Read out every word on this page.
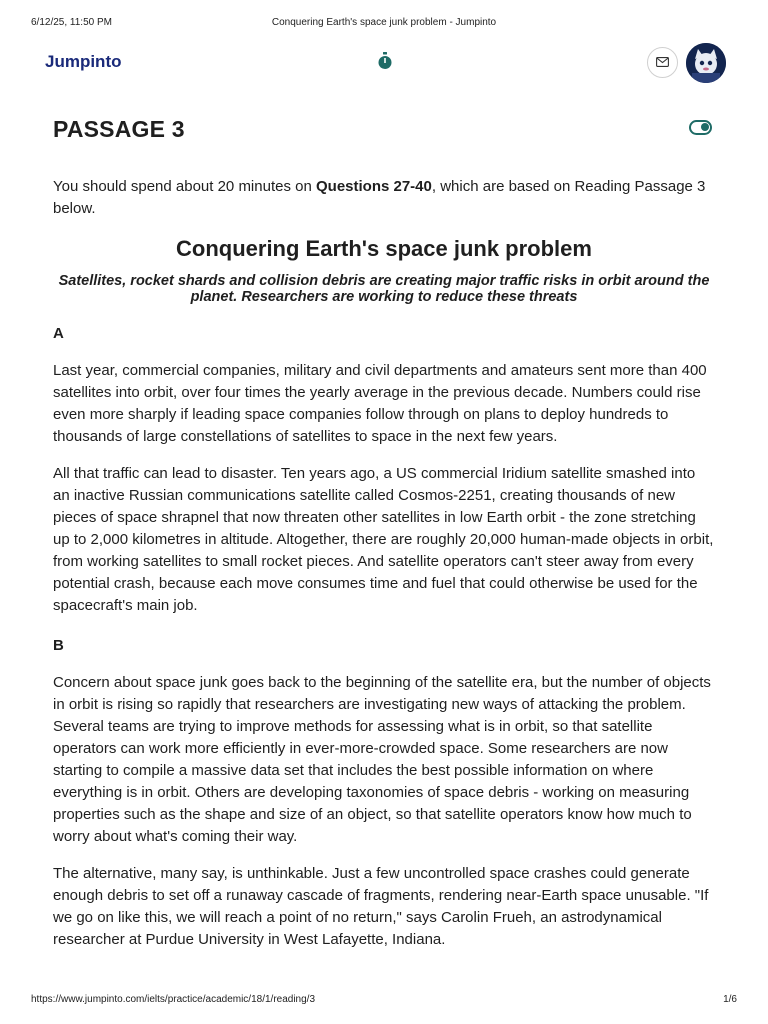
6/12/25, 11:50 PM	Conquering Earth's space junk problem - Jumpinto
Jumpinto
PASSAGE 3

You should spend about 20 minutes on Questions 27-40, which are based on Reading Passage 3 below.

Conquering Earth's space junk problem

Satellites, rocket shards and collision debris are creating major traffic risks in orbit around the planet. Researchers are working to reduce these threats

A

Last year, commercial companies, military and civil departments and amateurs sent more than 400 satellites into orbit, over four times the yearly average in the previous decade. Numbers could rise even more sharply if leading space companies follow through on plans to deploy hundreds to thousands of large constellations of satellites to space in the next few years.

All that traffic can lead to disaster. Ten years ago, a US commercial Iridium satellite smashed into an inactive Russian communications satellite called Cosmos-2251, creating thousands of new pieces of space shrapnel that now threaten other satellites in low Earth orbit - the zone stretching up to 2,000 kilometres in altitude. Altogether, there are roughly 20,000 human-made objects in orbit, from working satellites to small rocket pieces. And satellite operators can't steer away from every potential crash, because each move consumes time and fuel that could otherwise be used for the spacecraft's main job.

B

Concern about space junk goes back to the beginning of the satellite era, but the number of objects in orbit is rising so rapidly that researchers are investigating new ways of attacking the problem. Several teams are trying to improve methods for assessing what is in orbit, so that satellite operators can work more efficiently in ever-more-crowded space. Some researchers are now starting to compile a massive data set that includes the best possible information on where everything is in orbit. Others are developing taxonomies of space debris - working on measuring properties such as the shape and size of an object, so that satellite operators know how much to worry about what's coming their way.

The alternative, many say, is unthinkable. Just a few uncontrolled space crashes could generate enough debris to set off a runaway cascade of fragments, rendering near-Earth space unusable. "If we go on like this, we will reach a point of no return," says Carolin Frueh, an astrodynamical researcher at Purdue University in West Lafayette, Indiana.

https://www.jumpinto.com/ielts/practice/academic/18/1/reading/3	1/6
